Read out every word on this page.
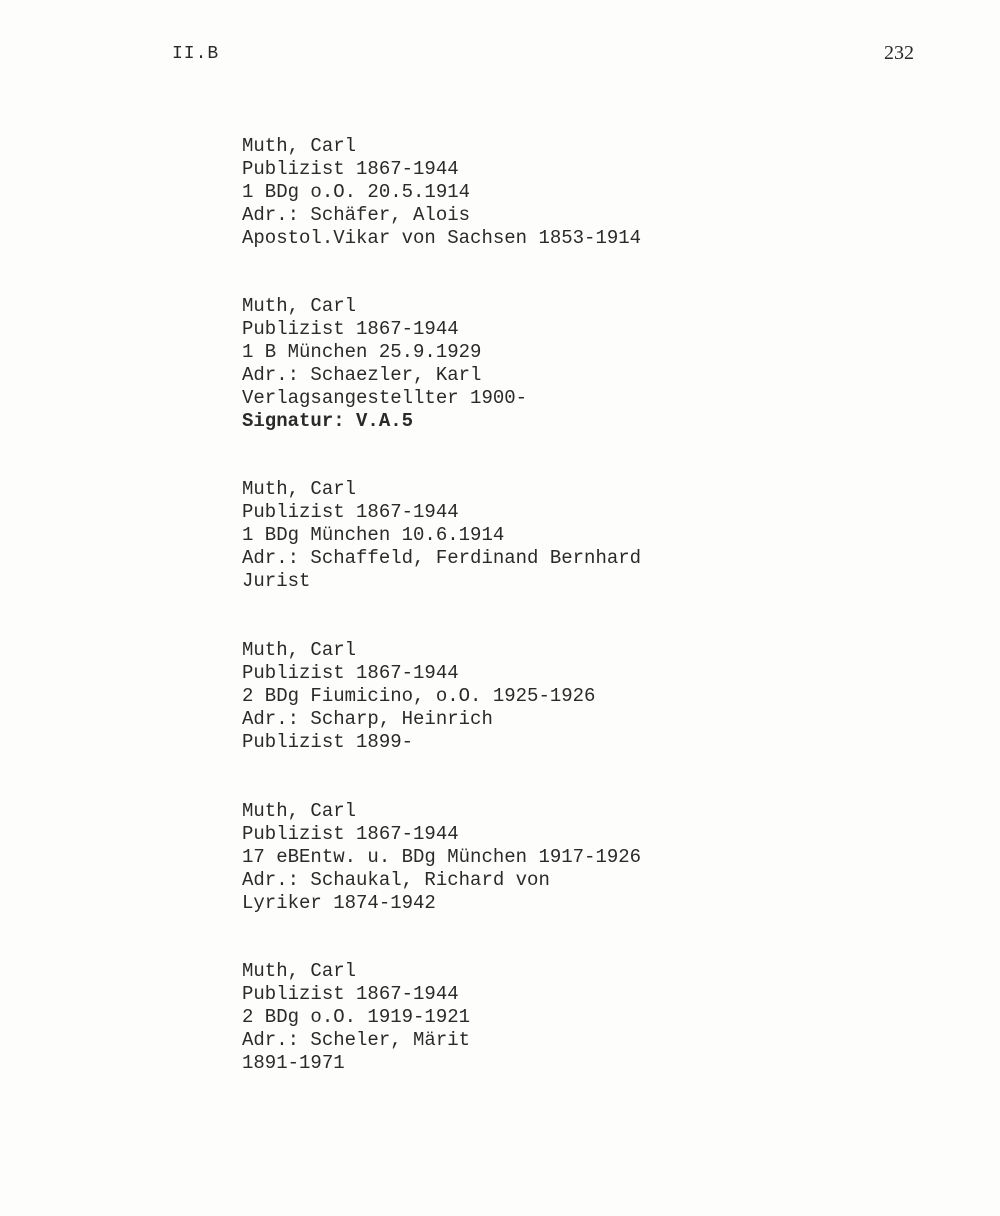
II.B	232
Muth, Carl
Publizist 1867-1944
1 BDg o.O. 20.5.1914
Adr.: Schäfer, Alois
Apostol.Vikar von Sachsen 1853-1914
Muth, Carl
Publizist 1867-1944
1 B München 25.9.1929
Adr.: Schaezler, Karl
Verlagsangestellter 1900-
Signatur: V.A.5
Muth, Carl
Publizist 1867-1944
1 BDg München 10.6.1914
Adr.: Schaffeld, Ferdinand Bernhard
Jurist
Muth, Carl
Publizist 1867-1944
2 BDg Fiumicino, o.O. 1925-1926
Adr.: Scharp, Heinrich
Publizist 1899-
Muth, Carl
Publizist 1867-1944
17 eBEntw. u. BDg München 1917-1926
Adr.: Schaukal, Richard von
Lyriker 1874-1942
Muth, Carl
Publizist 1867-1944
2 BDg o.O. 1919-1921
Adr.: Scheler, Märit
1891-1971
